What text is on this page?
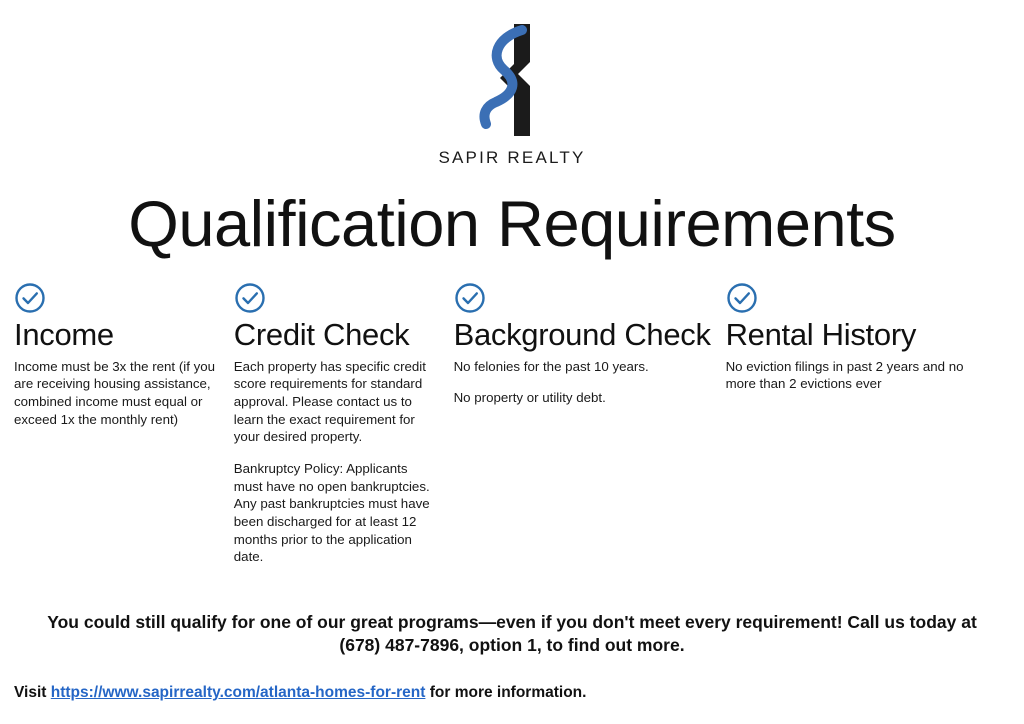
SAPIR REALTY
Qualification Requirements
Income

Income must be 3x the rent (if you are receiving housing assistance, combined income must equal or exceed 1x the monthly rent)

Credit Check

Each property has specific credit score requirements for standard approval. Please contact us to learn the exact requirement for your desired property.

Bankruptcy Policy: Applicants must have no open bankruptcies. Any past bankruptcies must have been discharged for at least 12 months prior to the application date.

Background Check

No felonies for the past 10 years.

No property or utility debt.

Rental History

No eviction filings in past 2 years and no more than 2 evictions ever

You could still qualify for one of our great programs—even if you don't meet every requirement! Call us today at (678) 487-7896, option 1, to find out more.

Visit https://www.sapirrealty.com/atlanta-homes-for-rent for more information.
